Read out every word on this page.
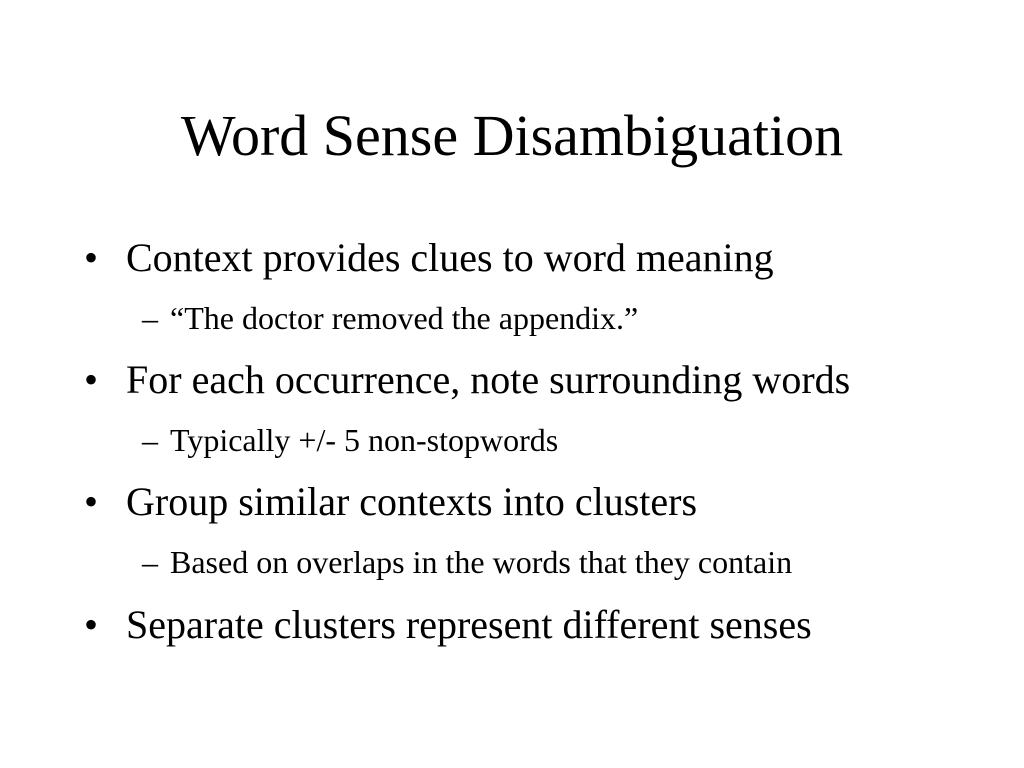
Word Sense Disambiguation
• Context provides clues to word meaning
– “The doctor removed the appendix.”
• For each occurrence, note surrounding words
– Typically +/- 5 non-stopwords
• Group similar contexts into clusters
– Based on overlaps in the words that they contain
• Separate clusters represent different senses
